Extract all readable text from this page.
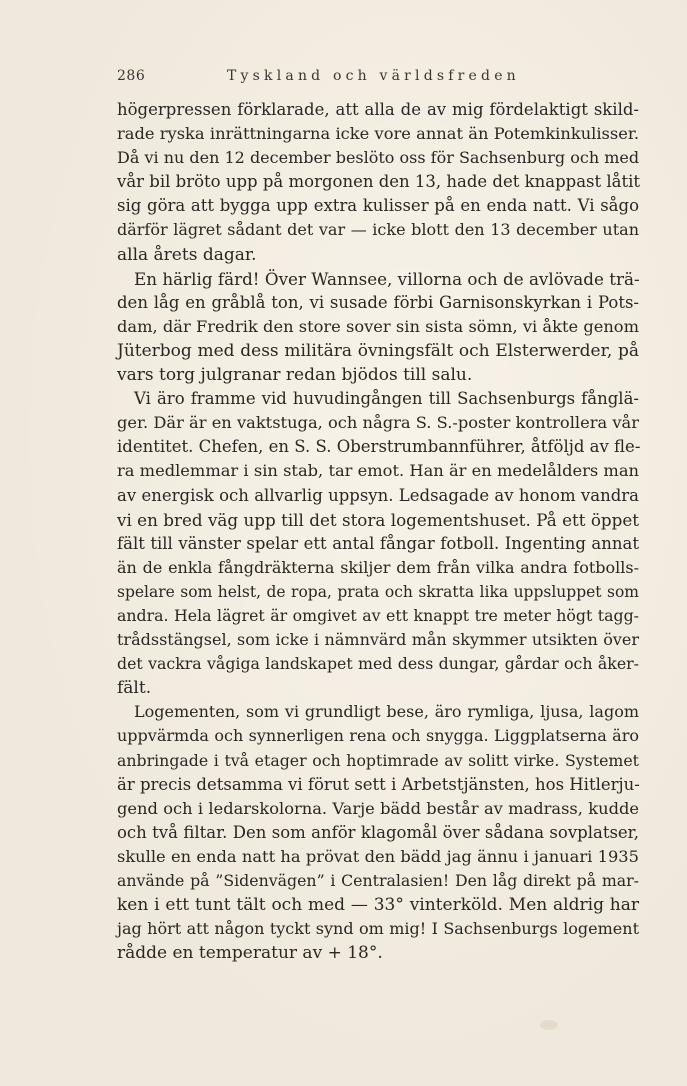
286	Tyskland och världsfreden

högerpressen förklarade, att alla de av mig fördelaktigt skild-
rade ryska inrättningarna icke vore annat än Potemkinkulisser.
Då vi nu den 12 december beslöto oss för Sachsenburg och med
vår bil bröto upp på morgonen den 13, hade det knappast låtit
sig göra att bygga upp extra kulisser på en enda natt. Vi sågo
därför lägret sådant det var — icke blott den 13 december utan
alla årets dagar.

En härlig färd! Över Wannsee, villorna och de avlövade trä-
den låg en gråblå ton, vi susade förbi Garnisonskyrkan i Pots-
dam, där Fredrik den store sover sin sista sömn, vi åkte genom
Jüterbog med dess militära övningsfält och Elsterwerder, på
vars torg julgranar redan bjödos till salu.

Vi äro framme vid huvudingången till Sachsenburgs fånglä-
ger. Där är en vaktstuga, och några S. S.-poster kontrollera vår
identitet. Chefen, en S. S. Oberstrumbannführer, åtföljd av fle-
ra medlemmar i sin stab, tar emot. Han är en medelålders man
av energisk och allvarlig uppsyn. Ledsagade av honom vandra
vi en bred väg upp till det stora logementshuset. På ett öppet
fält till vänster spelar ett antal fångar fotboll. Ingenting annat
än de enkla fångdräkterna skiljer dem från vilka andra fotbolls-
spelare som helst, de ropa, prata och skratta lika uppsluppet som
andra. Hela lägret är omgivet av ett knappt tre meter högt tagg-
trådsstängsel, som icke i nämnvärd mån skymmer utsikten över
det vackra vågiga landskapet med dess dungar, gårdar och åker-
fält.

Logementen, som vi grundligt bese, äro rymliga, ljusa, lagom
uppvärmda och synnerligen rena och snygga. Liggplatserna äro
anbringade i två etager och hoptimrade av solitt virke. Systemet
är precis detsamma vi förut sett i Arbetstjänsten, hos Hitlerju-
gend och i ledarskolorna. Varje bädd består av madrass, kudde
och två filtar. Den som anför klagomål över sådana sovplatser,
skulle en enda natt ha prövat den bädd jag ännu i januari 1935
använde på ”Sidenvägen” i Centralasien! Den låg direkt på mar-
ken i ett tunt tält och med — 33° vinterköld. Men aldrig har
jag hört att någon tyckt synd om mig! I Sachsenburgs logement
rådde en temperatur av + 18°.
